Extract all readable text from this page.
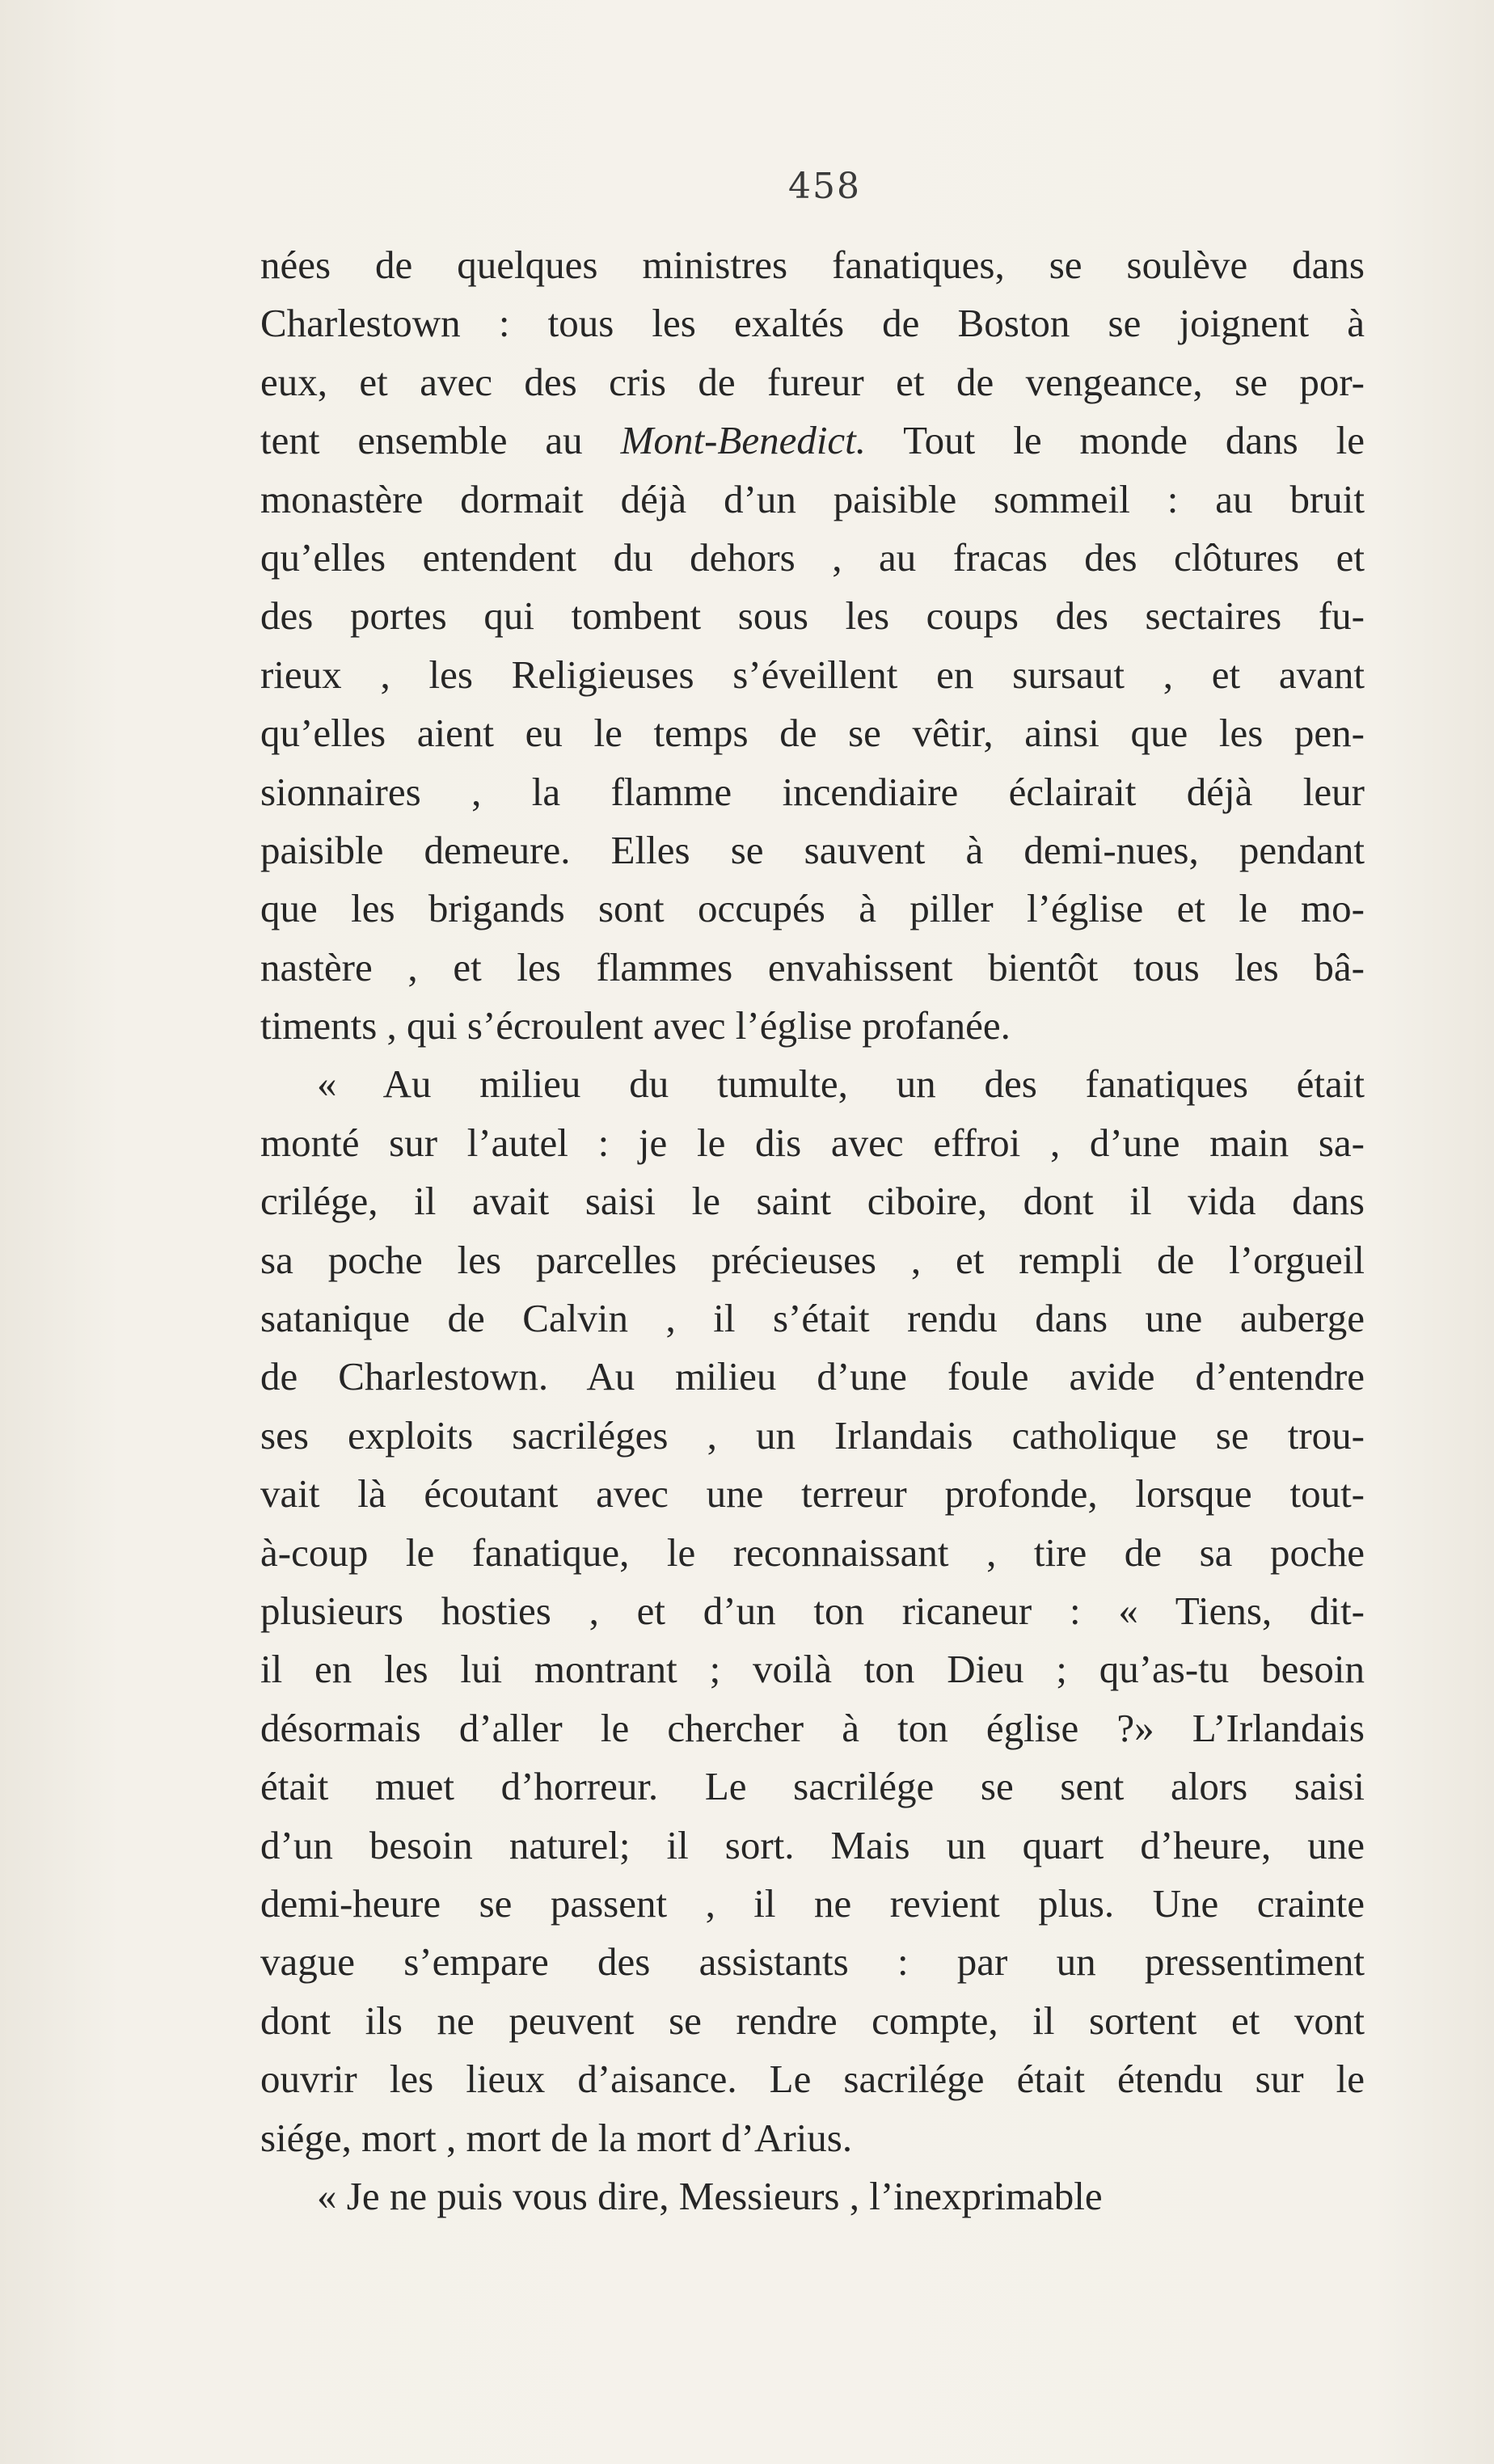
458
nées de quelques ministres fanatiques, se soulève dans
Charlestown : tous les exaltés de Boston se joignent à
eux, et avec des cris de fureur et de vengeance, se por-
tent ensemble au Mont-Benedict. Tout le monde dans le
monastère dormait déjà d’un paisible sommeil : au bruit
qu’elles entendent du dehors , au fracas des clôtures et
des portes qui tombent sous les coups des sectaires fu-
rieux , les Religieuses s’éveillent en sursaut , et avant
qu’elles aient eu le temps de se vêtir, ainsi que les pen-
sionnaires , la flamme incendiaire éclairait déjà leur
paisible demeure. Elles se sauvent à demi-nues, pendant
que les brigands sont occupés à piller l’église et le mo-
nastère , et les flammes envahissent bientôt tous les bâ-
timents , qui s’écroulent avec l’église profanée.
« Au milieu du tumulte, un des fanatiques était
monté sur l’autel : je le dis avec effroi , d’une main sa-
crilége, il avait saisi le saint ciboire, dont il vida dans
sa poche les parcelles précieuses , et rempli de l’orgueil
satanique de Calvin , il s’était rendu dans une auberge
de Charlestown. Au milieu d’une foule avide d’entendre
ses exploits sacriléges , un Irlandais catholique se trou-
vait là écoutant avec une terreur profonde, lorsque tout-
à-coup le fanatique, le reconnaissant , tire de sa poche
plusieurs hosties , et d’un ton ricaneur : « Tiens, dit-
il en les lui montrant ; voilà ton Dieu ; qu’as-tu besoin
désormais d’aller le chercher à ton église ?» L’Irlandais
était muet d’horreur. Le sacrilége se sent alors saisi
d’un besoin naturel; il sort. Mais un quart d’heure, une
demi-heure se passent , il ne revient plus. Une crainte
vague s’empare des assistants : par un pressentiment
dont ils ne peuvent se rendre compte, il sortent et vont
ouvrir les lieux d’aisance. Le sacrilége était étendu sur le
siége, mort , mort de la mort d’Arius.
« Je ne puis vous dire, Messieurs , l’inexprimable
